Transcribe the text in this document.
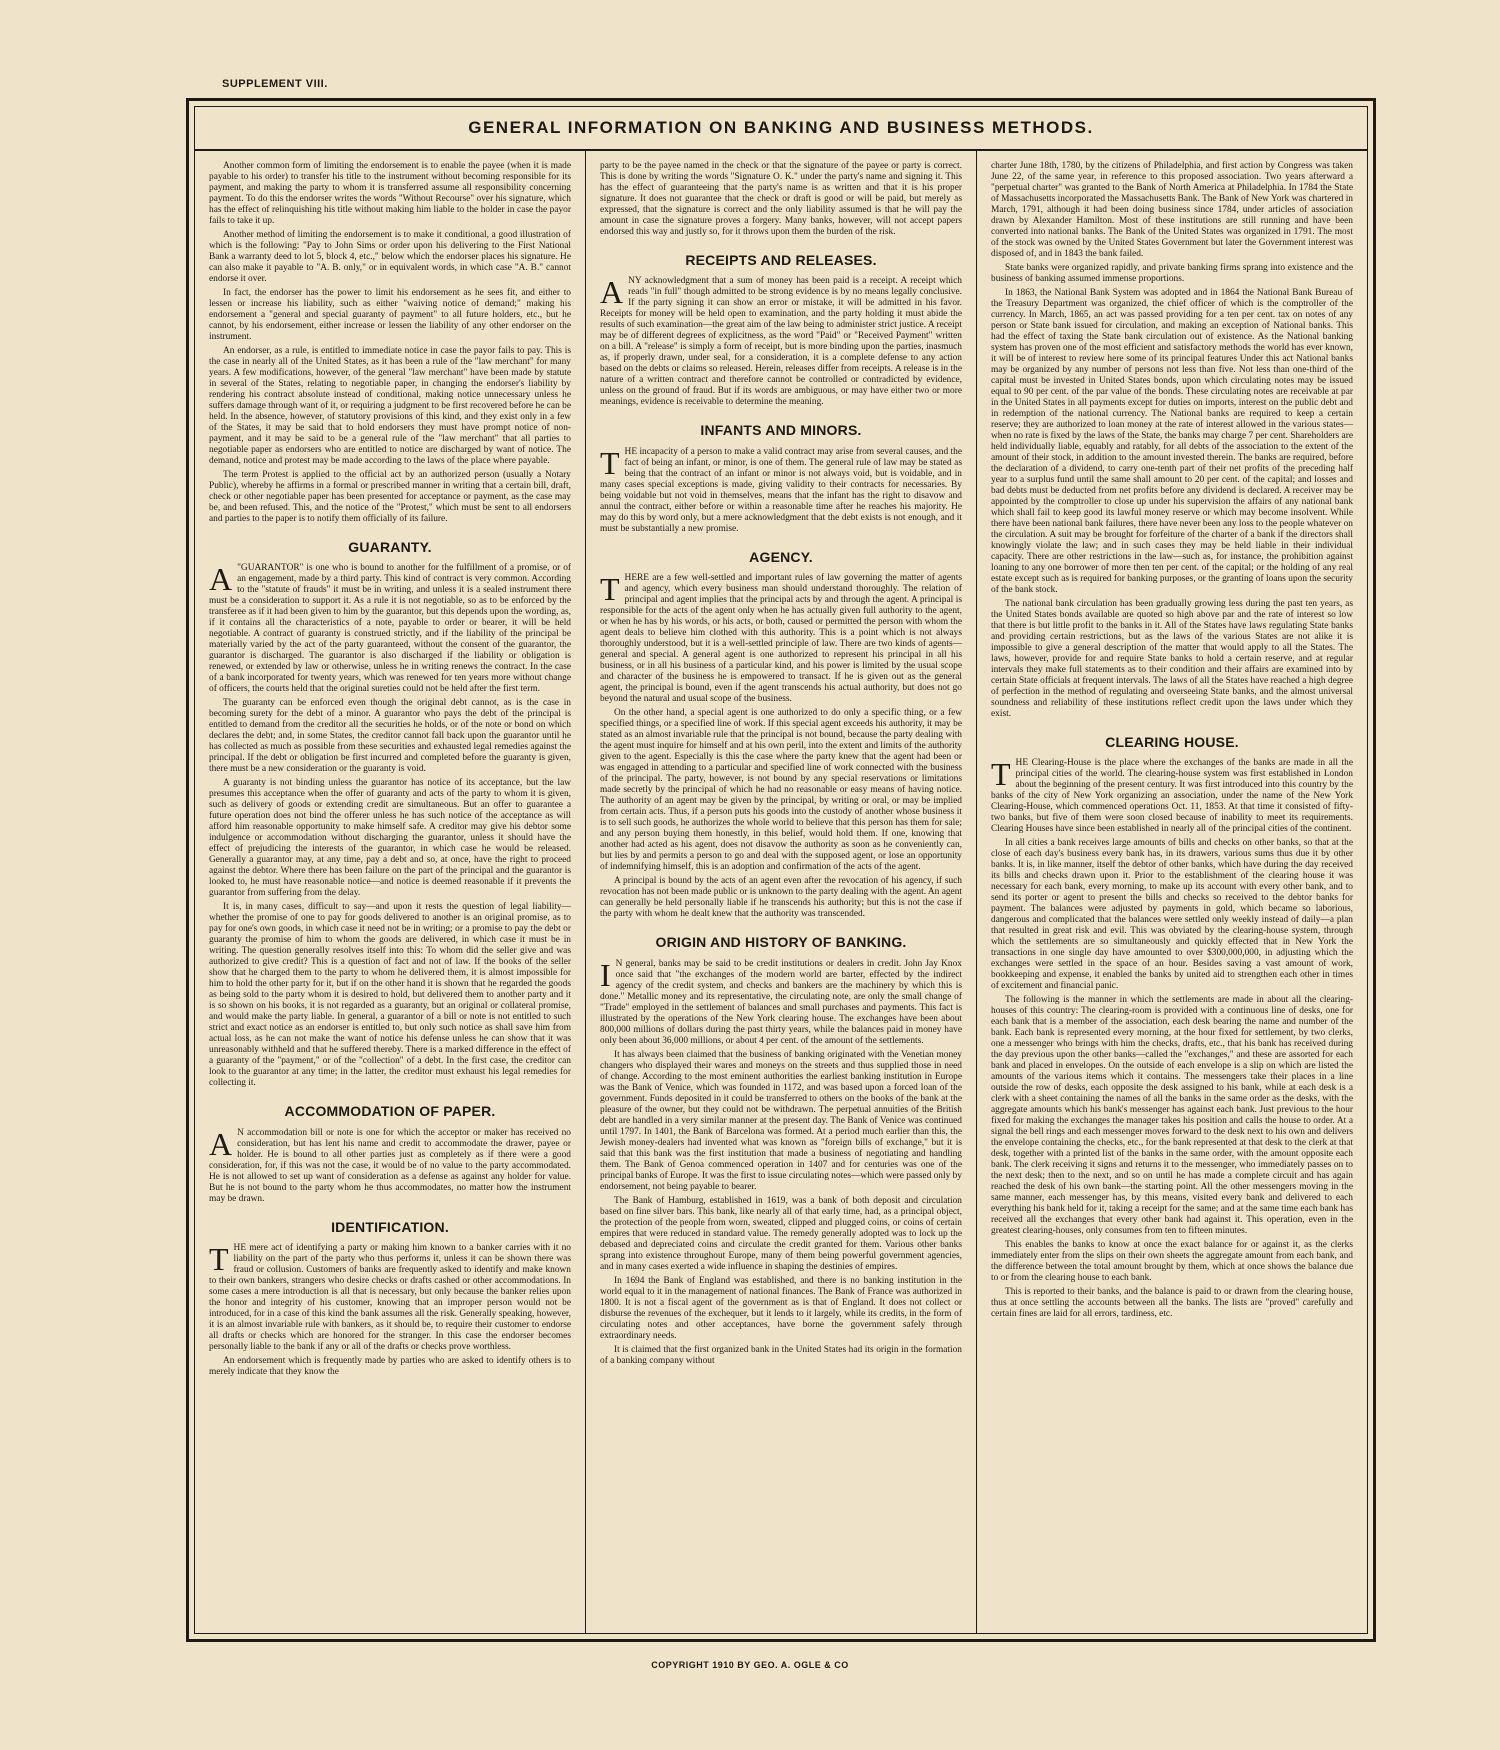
SUPPLEMENT VIII.
GENERAL INFORMATION ON BANKING AND BUSINESS METHODS.

Another common form of limiting the endorsement is to enable the payee (when it is made payable to his order) to transfer his title to the instrument without becoming responsible for its payment, and making the party to whom it is transferred assume all responsibility concerning payment. To do this the endorser writes the words "Without Recourse" over his signature, which has the effect of relinquishing his title without making him liable to the holder in case the payor fails to take it up.

Another method of limiting the endorsement is to make it conditional, a good illustration of which is the following: "Pay to John Sims or order upon his delivering to the First National Bank a warranty deed to lot 5, block 4, etc.," below which the endorser places his signature. He can also make it payable to "A. B. only," or in equivalent words, in which case "A. B." cannot endorse it over.

In fact, the endorser has the power to limit his endorsement as he sees fit, and either to lessen or increase his liability, such as either "waiving notice of demand;" making his endorsement a "general and special guaranty of payment" to all future holders, etc., but he cannot, by his endorsement, either increase or lessen the liability of any other endorser on the instrument.

An endorser, as a rule, is entitled to immediate notice in case the payor fails to pay. This is the case in nearly all of the United States, as it has been a rule of the "law merchant" for many years. A few modifications, however, of the general "law merchant" have been made by statute in several of the States, relating to negotiable paper, in changing the endorser's liability by rendering his contract absolute instead of conditional, making notice unnecessary unless he suffers damage through want of it, or requiring a judgment to be first recovered before he can be held. In the absence, however, of statutory provisions of this kind, and they exist only in a few of the States, it may be said that to hold endorsers they must have prompt notice of non-payment, and it may be said to be a general rule of the "law merchant" that all parties to negotiable paper as endorsers who are entitled to notice are discharged by want of notice. The demand, notice and protest may be made according to the laws of the place where payable.

The term Protest is applied to the official act by an authorized person (usually a Notary Public), whereby he affirms in a formal or prescribed manner in writing that a certain bill, draft, check or other negotiable paper has been presented for acceptance or payment, as the case may be, and been refused. This, and the notice of the "Protest," which must be sent to all endorsers and parties to the paper is to notify them officially of its failure.

GUARANTY.

A "GUARANTOR" is one who is bound to another for the fulfillment of a promise, or of an engagement, made by a third party. This kind of contract is very common. According to the "statute of frauds" it must be in writing, and unless it is a sealed instrument there must be a consideration to support it. As a rule it is not negotiable, so as to be enforced by the transferee as if it had been given to him by the guarantor, but this depends upon the wording, as, if it contains all the characteristics of a note, payable to order or bearer, it will be held negotiable. A contract of guaranty is construed strictly, and if the liability of the principal be materially varied by the act of the party guaranteed, without the consent of the guarantor, the guarantor is discharged. The guarantor is also discharged if the liability or obligation is renewed, or extended by law or otherwise, unless he in writing renews the contract. In the case of a bank incorporated for twenty years, which was renewed for ten years more without change of officers, the courts held that the original sureties could not be held after the first term.

The guaranty can be enforced even though the original debt cannot, as is the case in becoming surety for the debt of a minor. A guarantor who pays the debt of the principal is entitled to demand from the creditor all the securities he holds, or of the note or bond on which declares the debt; and, in some States, the creditor cannot fall back upon the guarantor until he has collected as much as possible from these securities and exhausted legal remedies against the principal. If the debt or obligation be first incurred and completed before the guaranty is given, there must be a new consideration or the guaranty is void.

A guaranty is not binding unless the guarantor has notice of its acceptance, but the law presumes this acceptance when the offer of guaranty and acts of the party to whom it is given, such as delivery of goods or extending credit are simultaneous. But an offer to guarantee a future operation does not bind the offerer unless he has such notice of the acceptance as will afford him reasonable opportunity to make himself safe. A creditor may give his debtor some indulgence or accommodation without discharging the guarantor, unless it should have the effect of prejudicing the interests of the guarantor, in which case he would be released. Generally a guarantor may, at any time, pay a debt and so, at once, have the right to proceed against the debtor. Where there has been failure on the part of the principal and the guarantor is looked to, he must have reasonable notice—and notice is deemed reasonable if it prevents the guarantor from suffering from the delay.

It is, in many cases, difficult to say—and upon it rests the question of legal liability—whether the promise of one to pay for goods delivered to another is an original promise, as to pay for one's own goods, in which case it need not be in writing; or a promise to pay the debt or guaranty the promise of him to whom the goods are delivered, in which case it must be in writing. The question generally resolves itself into this: To whom did the seller give and was authorized to give credit? This is a question of fact and not of law. If the books of the seller show that he charged them to the party to whom he delivered them, it is almost impossible for him to hold the other party for it, but if on the other hand it is shown that he regarded the goods as being sold to the party whom it is desired to hold, but delivered them to another party and it is so shown on his books, it is not regarded as a guaranty, but an original or collateral promise, and would make the party liable. In general, a guarantor of a bill or note is not entitled to such strict and exact notice as an endorser is entitled to, but only such notice as shall save him from actual loss, as he can not make the want of notice his defense unless he can show that it was unreasonably withheld and that he suffered thereby. There is a marked difference in the effect of a guaranty of the "payment," or of the "collection" of a debt. In the first case, the creditor can look to the guarantor at any time; in the latter, the creditor must exhaust his legal remedies for collecting it.

ACCOMMODATION OF PAPER.

A N accommodation bill or note is one for which the acceptor or maker has received no consideration, but has lent his name and credit to accommodate the drawer, payee or holder. He is bound to all other parties just as completely as if there were a good consideration, for, if this was not the case, it would be of no value to the party accommodated. He is not allowed to set up want of consideration as a defense as against any holder for value. But he is not bound to the party whom he thus accommodates, no matter how the instrument may be drawn.

IDENTIFICATION.

THE mere act of identifying a party or making him known to a banker carries with it no liability on the part of the party who thus performs it, unless it can be shown there was fraud or collusion. Customers of banks are frequently asked to identify and make known to their own bankers, strangers who desire checks or drafts cashed or other accommodations. In some cases a mere introduction is all that is necessary, but only because the banker relies upon the honor and integrity of his customer, knowing that an improper person would not be introduced, for in a case of this kind the bank assumes all the risk. Generally speaking, however, it is an almost invariable rule with bankers, as it should be, to require their customer to endorse all drafts or checks which are honored for the stranger. In this case the endorser becomes personally liable to the bank if any or all of the drafts or checks prove worthless.

An endorsement which is frequently made by parties who are asked to identify others is to merely indicate that they know the

party to be the payee named in the check or that the signature of the payee or party is correct. This is done by writing the words "Signature O. K." under the party's name and signing it. This has the effect of guaranteeing that the party's name is as written and that it is his proper signature. It does not guarantee that the check or draft is good or will be paid, but merely as expressed, that the signature is correct and the only liability assumed is that he will pay the amount in case the signature proves a forgery. Many banks, however, will not accept papers endorsed this way and justly so, for it throws upon them the burden of the risk.

RECEIPTS AND RELEASES.

ANY acknowledgment that a sum of money has been paid is a receipt. A receipt which reads "in full" though admitted to be strong evidence is by no means legally conclusive. If the party signing it can show an error or mistake, it will be admitted in his favor. Receipts for money will be held open to examination, and the party holding it must abide the results of such examination—the great aim of the law being to administer strict justice. A receipt may be of different degrees of explicitness, as the word "Paid" or "Received Payment" written on a bill. A "release" is simply a form of receipt, but is more binding upon the parties, inasmuch as, if properly drawn, under seal, for a consideration, it is a complete defense to any action based on the debts or claims so released. Herein, releases differ from receipts. A release is in the nature of a written contract and therefore cannot be controlled or contradicted by evidence, unless on the ground of fraud. But if its words are ambiguous, or may have either two or more meanings, evidence is receivable to determine the meaning.

INFANTS AND MINORS.

THE incapacity of a person to make a valid contract may arise from several causes, and the fact of being an infant, or minor, is one of them. The general rule of law may be stated as being that the contract of an infant or minor is not always void, but is voidable, and in many cases special exceptions is made, giving validity to their contracts for necessaries. By being voidable but not void in themselves, means that the infant has the right to disavow and annul the contract, either before or within a reasonable time after he reaches his majority. He may do this by word only, but a mere acknowledgment that the debt exists is not enough, and it must be substantially a new promise.

AGENCY.

THERE are a few well-settled and important rules of law governing the matter of agents and agency, which every business man should understand thoroughly. The relation of principal and agent implies that the principal acts by and through the agent. A principal is responsible for the acts of the agent only when he has actually given full authority to the agent, or when he has by his words, or his acts, or both, caused or permitted the person with whom the agent deals to believe him clothed with this authority. This is a point which is not always thoroughly understood, but it is a well-settled principle of law. There are two kinds of agents—general and special. A general agent is one authorized to represent his principal in all his business, or in all his business of a particular kind, and his power is limited by the usual scope and character of the business he is empowered to transact. If he is given out as the general agent, the principal is bound, even if the agent transcends his actual authority, but does not go beyond the natural and usual scope of the business.

On the other hand, a special agent is one authorized to do only a specific thing, or a few specified things, or a specified line of work. If this special agent exceeds his authority, it may be stated as an almost invariable rule that the principal is not bound, because the party dealing with the agent must inquire for himself and at his own peril, into the extent and limits of the authority given to the agent. Especially is this the case where the party knew that the agent had been or was engaged in attending to a particular and specified line of work connected with the business of the principal. The party, however, is not bound by any special reservations or limitations made secretly by the principal of which he had no reasonable or easy means of having notice. The authority of an agent may be given by the principal, by writing or oral, or may be implied from certain acts. Thus, if a person puts his goods into the custody of another whose business it is to sell such goods, he authorizes the whole world to believe that this person has them for sale; and any person buying them honestly, in this belief, would hold them. If one, knowing that another had acted as his agent, does not disavow the authority as soon as he conveniently can, but lies by and permits a person to go and deal with the supposed agent, or lose an opportunity of indemnifying himself, this is an adoption and confirmation of the acts of the agent.

A principal is bound by the acts of an agent even after the revocation of his agency, if such revocation has not been made public or is unknown to the party dealing with the agent. An agent can generally be held personally liable if he transcends his authority; but this is not the case if the party with whom he dealt knew that the authority was transcended.

ORIGIN AND HISTORY OF BANKING.

I N general, banks may be said to be credit institutions or dealers in credit. John Jay Knox once said that "the exchanges of the modern world are barter, effected by the indirect agency of the credit system, and checks and bankers are the machinery by which this is done." Metallic money and its representative, the circulating note, are only the small change of "Trade" employed in the settlement of balances and small purchases and payments. This fact is illustrated by the operations of the New York clearing house. The exchanges have been about 800,000 millions of dollars during the past thirty years, while the balances paid in money have only been about 36,000 millions, or about 4 per cent. of the amount of the settlements.

It has always been claimed that the business of banking originated with the Venetian money changers who displayed their wares and moneys on the streets and thus supplied those in need of change. According to the most eminent authorities the earliest banking institution in Europe was the Bank of Venice, which was founded in 1172, and was based upon a forced loan of the government. Funds deposited in it could be transferred to others on the books of the bank at the pleasure of the owner, but they could not be withdrawn. The perpetual annuities of the British debt are handled in a very similar manner at the present day. The Bank of Venice was continued until 1797. In 1401, the Bank of Barcelona was formed. At a period much earlier than this, the Jewish money-dealers had invented what was known as "foreign bills of exchange," but it is said that this bank was the first institution that made a business of negotiating and handling them. The Bank of Genoa commenced operation in 1407 and for centuries was one of the principal banks of Europe. It was the first to issue circulating notes—which were passed only by endorsement, not being payable to bearer.

The Bank of Hamburg, established in 1619, was a bank of both deposit and circulation based on fine silver bars. This bank, like nearly all of that early time, had, as a principal object, the protection of the people from worn, sweated, clipped and plugged coins, or coins of certain empires that were reduced in standard value. The remedy generally adopted was to lock up the debased and depreciated coins and circulate the credit granted for them. Various other banks sprang into existence throughout Europe, many of them being powerful government agencies, and in many cases exerted a wide influence in shaping the destinies of empires.

In 1694 the Bank of England was established, and there is no banking institution in the world equal to it in the management of national finances. The Bank of France was authorized in 1800. It is not a fiscal agent of the government as is that of England. It does not collect or disburse the revenues of the exchequer, but it lends to it largely, while its credits, in the form of circulating notes and other acceptances, have borne the government safely through extraordinary needs.

It is claimed that the first organized bank in the United States had its origin in the formation of a banking company without

charter June 18th, 1780, by the citizens of Philadelphia, and first action by Congress was taken June 22, of the same year, in reference to this proposed association. Two years afterward a "perpetual charter" was granted to the Bank of North America at Philadelphia. In 1784 the State of Massachusetts incorporated the Massachusetts Bank. The Bank of New York was chartered in March, 1791, although it had been doing business since 1784, under articles of association drawn by Alexander Hamilton. Most of these institutions are still running and have been converted into national banks. The Bank of the United States was organized in 1791. The most of the stock was owned by the United States Government but later the Government interest was disposed of, and in 1843 the bank failed.

State banks were organized rapidly, and private banking firms sprang into existence and the business of banking assumed immense proportions.

In 1863, the National Bank System was adopted and in 1864 the National Bank Bureau of the Treasury Department was organized, the chief officer of which is the comptroller of the currency. In March, 1865, an act was passed providing for a ten per cent. tax on notes of any person or State bank issued for circulation, and making an exception of National banks. This had the effect of taxing the State bank circulation out of existence. As the National banking system has proven one of the most efficient and satisfactory methods the world has ever known, it will be of interest to review here some of its principal features Under this act National banks may be organized by any number of persons not less than five. Not less than one-third of the capital must be invested in United States bonds, upon which circulating notes may be issued equal to 90 per cent. of the par value of the bonds. These circulating notes are receivable at par in the United States in all payments except for duties on imports, interest on the public debt and in redemption of the national currency. The National banks are required to keep a certain reserve; they are authorized to loan money at the rate of interest allowed in the various states—when no rate is fixed by the laws of the State, the banks may charge 7 per cent. Shareholders are held individually liable, equably and ratably, for all debts of the association to the extent of the amount of their stock, in addition to the amount invested therein. The banks are required, before the declaration of a dividend, to carry one-tenth part of their net profits of the preceding half year to a surplus fund until the same shall amount to 20 per cent. of the capital; and losses and bad debts must be deducted from net profits before any dividend is declared. A receiver may be appointed by the comptroller to close up under his supervision the affairs of any national bank which shall fail to keep good its lawful money reserve or which may become insolvent. While there have been national bank failures, there have never been any loss to the people whatever on the circulation. A suit may be brought for forfeiture of the charter of a bank if the directors shall knowingly violate the law; and in such cases they may be held liable in their individual capacity. There are other restrictions in the law—such as, for instance, the prohibition against loaning to any one borrower of more then ten per cent. of the capital; or the holding of any real estate except such as is required for banking purposes, or the granting of loans upon the security of the bank stock.

The national bank circulation has been gradually growing less during the past ten years, as the United States bonds available are quoted so high above par and the rate of interest so low that there is but little profit to the banks in it. All of the States have laws regulating State banks and providing certain restrictions, but as the laws of the various States are not alike it is impossible to give a general description of the matter that would apply to all the States. The laws, however, provide for and require State banks to hold a certain reserve, and at regular intervals they make full statements as to their condition and their affairs are examined into by certain State officials at frequent intervals. The laws of all the States have reached a high degree of perfection in the method of regulating and overseeing State banks, and the almost universal soundness and reliability of these institutions reflect credit upon the laws under which they exist.

CLEARING HOUSE.

THE Clearing-House is the place where the exchanges of the banks are made in all the principal cities of the world. The clearing-house system was first established in London about the beginning of the present century. It was first introduced into this country by the banks of the city of New York organizing an association, under the name of the New York Clearing-House, which commenced operations Oct. 11, 1853. At that time it consisted of fifty-two banks, but five of them were soon closed because of inability to meet its requirements. Clearing Houses have since been established in nearly all of the principal cities of the continent.

In all cities a bank receives large amounts of bills and checks on other banks, so that at the close of each day's business every bank has, in its drawers, various sums thus due it by other banks. It is, in like manner, itself the debtor of other banks, which have during the day received its bills and checks drawn upon it. Prior to the establishment of the clearing house it was necessary for each bank, every morning, to make up its account with every other bank, and to send its porter or agent to present the bills and checks so received to the debtor banks for payment. The balances were adjusted by payments in gold, which became so laborious, dangerous and complicated that the balances were settled only weekly instead of daily—a plan that resulted in great risk and evil. This was obviated by the clearing-house system, through which the settlements are so simultaneously and quickly effected that in New York the transactions in one single day have amounted to over $300,000,000, in adjusting which the exchanges were settled in the space of an hour. Besides saving a vast amount of work, bookkeeping and expense, it enabled the banks by united aid to strengthen each other in times of excitement and financial panic.

The following is the manner in which the settlements are made in about all the clearing-houses of this country: The clearing-room is provided with a continuous line of desks, one for each bank that is a member of the association, each desk bearing the name and number of the bank. Each bank is represented every morning, at the hour fixed for settlement, by two clerks, one a messenger who brings with him the checks, drafts, etc., that his bank has received during the day previous upon the other banks—called the "exchanges," and these are assorted for each bank and placed in envelopes. On the outside of each envelope is a slip on which are listed the amounts of the various items which it contains. The messengers take their places in a line outside the row of desks, each opposite the desk assigned to his bank, while at each desk is a clerk with a sheet containing the names of all the banks in the same order as the desks, with the aggregate amounts which his bank's messenger has against each bank. Just previous to the hour fixed for making the exchanges the manager takes his position and calls the house to order. At a signal the bell rings and each messenger moves forward to the desk next to his own and delivers the envelope containing the checks, etc., for the bank represented at that desk to the clerk at that desk, together with a printed list of the banks in the same order, with the amount opposite each bank. The clerk receiving it signs and returns it to the messenger, who immediately passes on to the next desk; then to the next, and so on until he has made a complete circuit and has again reached the desk of his own bank—the starting point. All the other messengers moving in the same manner, each messenger has, by this means, visited every bank and delivered to each everything his bank held for it, taking a receipt for the same; and at the same time each bank has received all the exchanges that every other bank had against it. This operation, even in the greatest clearing-houses, only consumes from ten to fifteen minutes.

This enables the banks to know at once the exact balance for or against it, as the clerks immediately enter from the slips on their own sheets the aggregate amount from each bank, and the difference between the total amount brought by them, which at once shows the balance due to or from the clearing house to each bank.

This is reported to their banks, and the balance is paid to or drawn from the clearing house, thus at once settling the accounts between all the banks. The lists are "proved" carefully and certain fines are laid for all errors, tardiness, etc.

COPYRIGHT 1910 BY GEO. A. OGLE & CO
